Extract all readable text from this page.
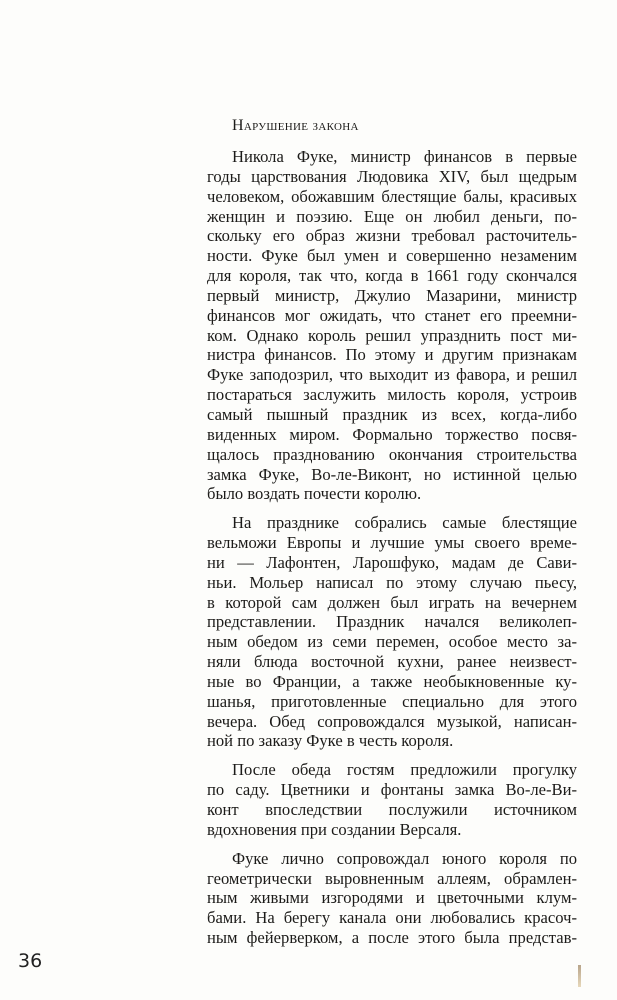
Нарушение закона
Никола Фуке, министр финансов в первые
годы царствования Людовика XIV, был щедрым
человеком, обожавшим блестящие балы, красивых
женщин и поэзию. Еще он любил деньги, по-
скольку его образ жизни требовал расточитель-
ности. Фуке был умен и совершенно незаменим
для короля, так что, когда в 1661 году скончался
первый министр, Джулио Мазарини, министр
финансов мог ожидать, что станет его преемни-
ком. Однако король решил упразднить пост ми-
нистра финансов. По этому и другим признакам
Фуке заподозрил, что выходит из фавора, и решил
постараться заслужить милость короля, устроив
самый пышный праздник из всех, когда-либо
виденных миром. Формально торжество посвя-
щалось празднованию окончания строительства
замка Фуке, Во-ле-Виконт, но истинной целью
было воздать почести королю.
На празднике собрались самые блестящие
вельможи Европы и лучшие умы своего време-
ни — Лафонтен, Ларошфуко, мадам де Сави-
ньи. Мольер написал по этому случаю пьесу,
в которой сам должен был играть на вечернем
представлении. Праздник начался великолеп-
ным обедом из семи перемен, особое место за-
няли блюда восточной кухни, ранее неизвест-
ные во Франции, а также необыкновенные ку-
шанья, приготовленные специально для этого
вечера. Обед сопровождался музыкой, написан-
ной по заказу Фуке в честь короля.
После обеда гостям предложили прогулку
по саду. Цветники и фонтаны замка Во-ле-Ви-
конт впоследствии послужили источником
вдохновения при создании Версаля.
Фуке лично сопровождал юного короля по
геометрически выровненным аллеям, обрамлен-
ным живыми изгородями и цветочными клум-
бами. На берегу канала они любовались красоч-
ным фейерверком, а после этого была представ-
36
